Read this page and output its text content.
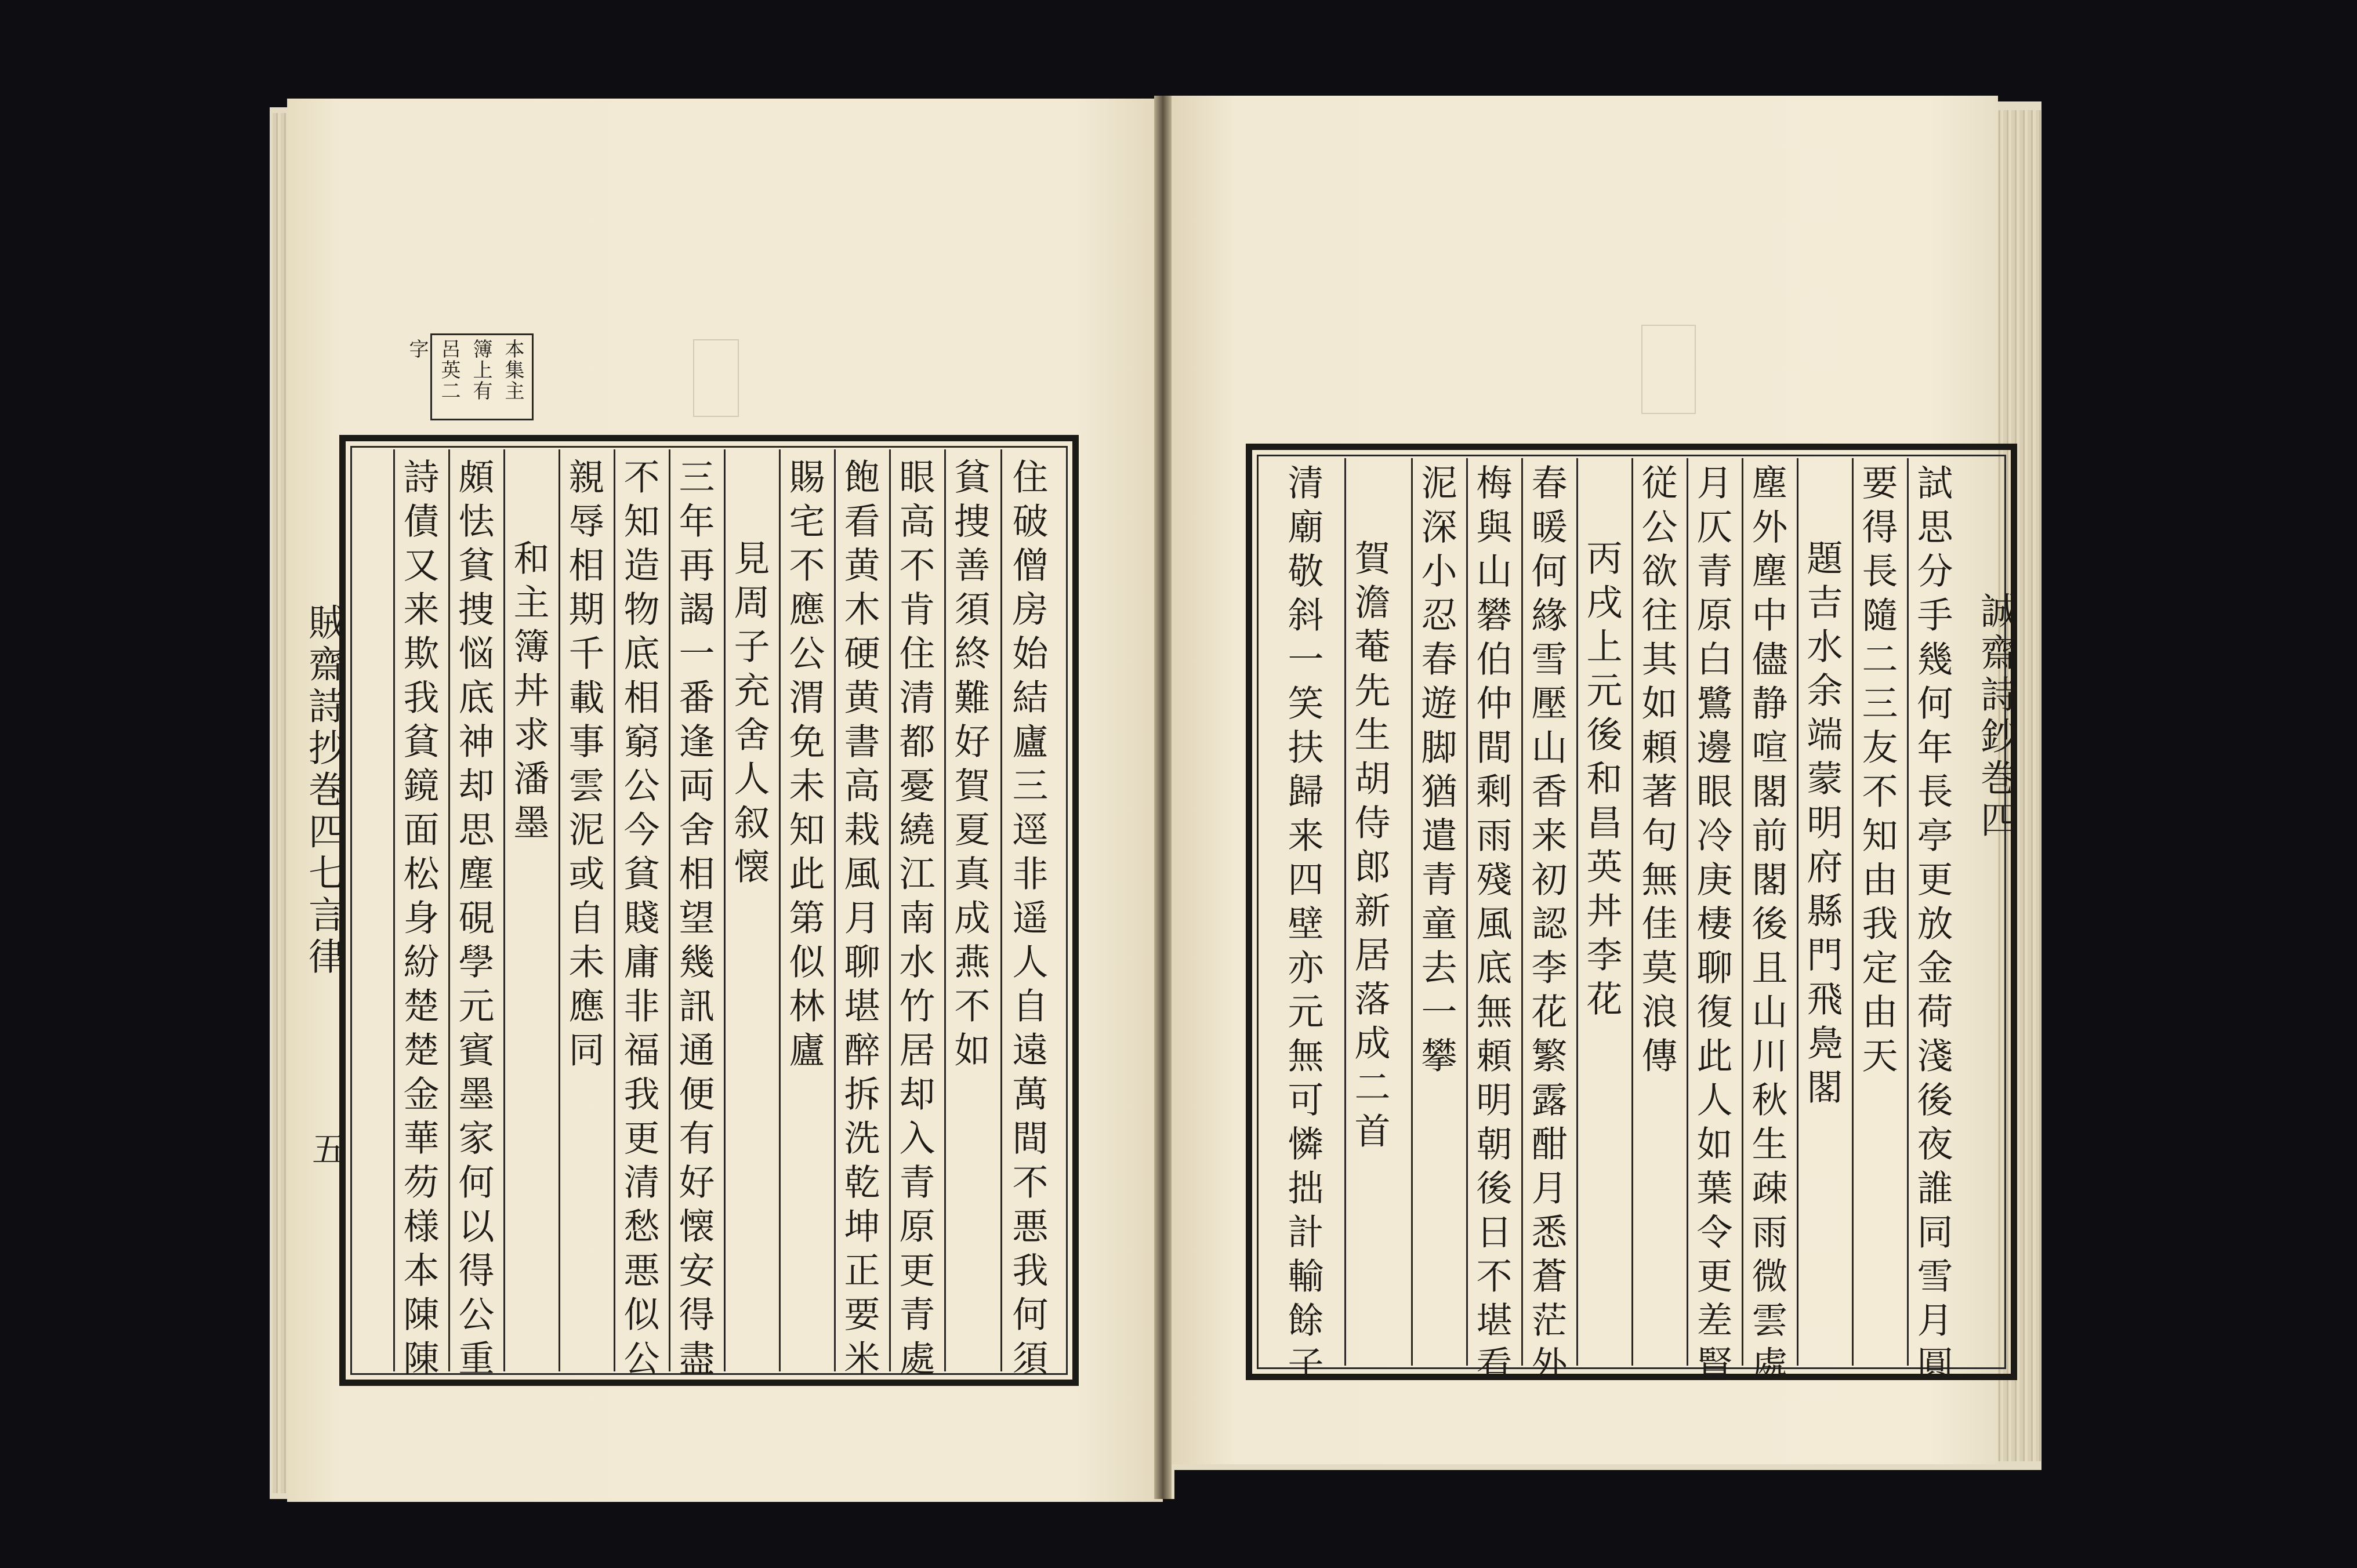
本集主
簿上有
呂英二
字
賊齋詩抄巻四七言律
五	住破僧房始結廬三逕非遥人自遠萬間不悪我何須
貧捜善須終難好賀夏真成燕不如
眼高不肯住清都憂繞江南水竹居却入青原更青處
飽看黄木硬黄書高栽風月聊堪醉拆洗乾坤正要米
賜宅不應公渭免未知此第似林廬
見周子充舍人叙懐
三年再謁一番逢両舍相望幾訊通便有好懐安得盡
不知造物底相窮公今貧賤庸非福我更清愁悪似公
親辱相期千載事雲泥或自未應同
和主簿丼求潘墨
頗怯貧捜悩底神却思塵硯學元賓墨家何以得公重
詩債又来欺我貧鏡面松身紛楚楚金華芴様本陳陳	誠齋詩鈔巻四
試思分手幾何年長亭更放金荷淺後夜誰同雪月圓
要得長隨二三友不知由我定由天
題吉水余端蒙明府縣門飛鳧閣
塵外塵中儘静喧閣前閣後且山川秋生疎雨微雲處
月仄青原白鷺邊眼冷庚棲聊復此人如葉令更差賢
従公欲往其如頼著句無佳莫浪傳
丙戌上元後和昌英丼李花
春暖何緣雪壓山香来初認李花繁露酣月悉蒼茫外
梅與山礬伯仲間剩雨殘風底無頼明朝後日不堪看
泥深小忍春遊脚猶遣青童去一攀
賀澹菴先生胡侍郎新居落成二首
清廟敬斜一笑扶歸来四壁亦元無可憐拙計輸餘子
